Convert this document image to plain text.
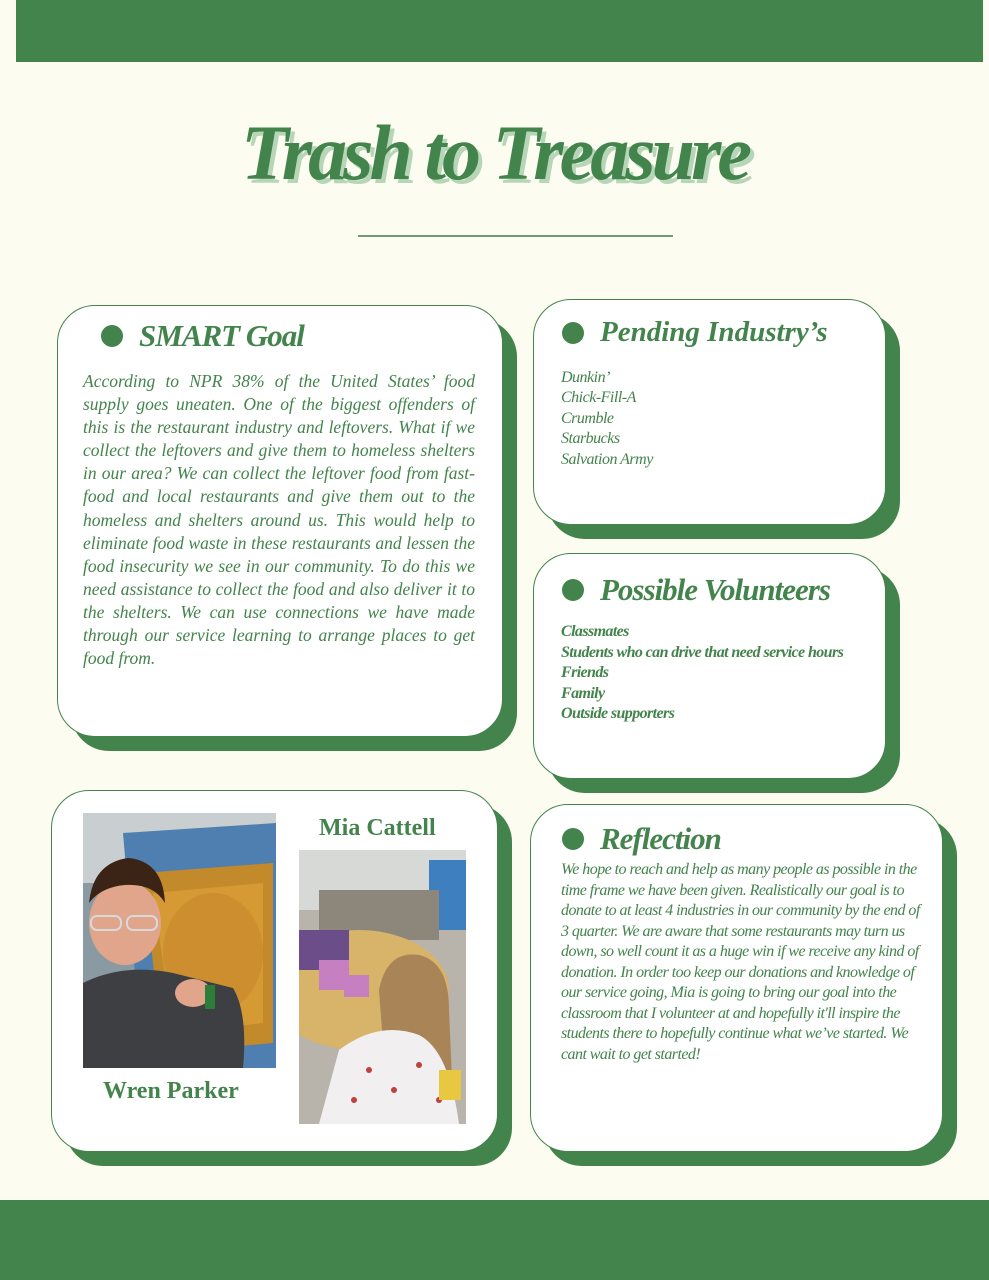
Trash to Treasure
SMART Goal

According to NPR 38% of the United States’ food supply goes uneaten. One of the biggest offenders of this is the restaurant industry and leftovers. What if we collect the leftovers and give them to homeless shelters in our area? We can collect the leftover food from fast-food and local restaurants and give them out to the homeless and shelters around us. This would help to eliminate food waste in these restaurants and lessen the food insecurity we see in our community. To do this we need assistance to collect the food and also deliver it to the shelters. We can use connections we have made through our service learning to arrange places to get food from.

Pending Industry’s
Dunkin’
Chick-Fill-A
Crumble
Starbucks
Salvation Army
Possible Volunteers
Classmates
Students who can drive that need service hours
Friends
Family
Outside supporters
Wren Parker
Mia Cattell	Reflection

We hope to reach and help as many people as possible in the time frame we have been given. Realistically our goal is to donate to at least 4 industries in our community by the end of 3 quarter. We are aware that some restaurants may turn us down, so well count it as a huge win if we receive any kind of donation. In order too keep our donations and knowledge of our service going, Mia is going to bring our goal into the classroom that I volunteer at and hopefully it'll inspire the students there to hopefully continue what we’ve started. We cant wait to get started!
